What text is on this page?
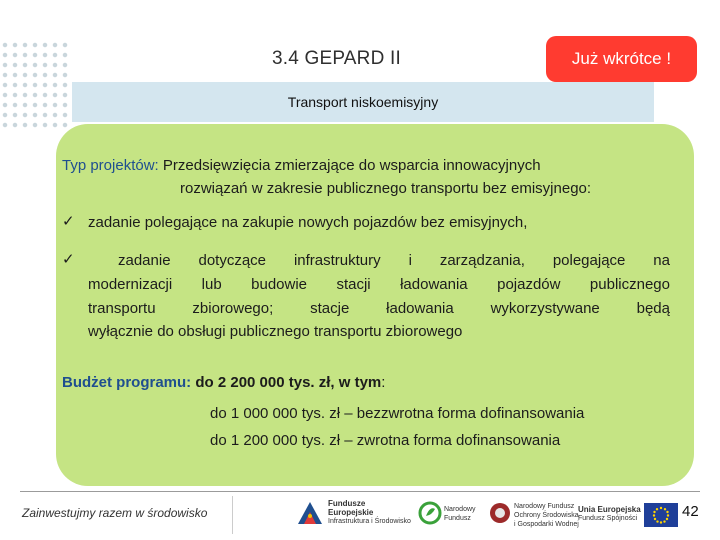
3.4 GEPARD II	Już wkrótce !
Transport niskoemisyjny
Typ projektów: Przedsięwzięcia zmierzające do wsparcia innowacyjnych
rozwiązań w zakresie publicznego transportu bez emisyjnego:
✓ zadanie polegające na zakupie nowych pojazdów bez emisyjnych,
✓	zadanie dotyczące infrastruktury i zarządzania, polegające na
modernizacji lub budowie stacji ładowania pojazdów publicznego
transportu zbiorowego; stacje ładowania wykorzystywane będą
wyłącznie do obsługi publicznego transportu zbiorowego
Budżet programu: do 2 200 000 tys. zł, w tym:
do 1 000 000 tys. zł – bezzwrotna forma dofinansowania
do 1 200 000 tys. zł – zwrotna forma dofinansowania
Zainwestujmy razem w środowisko
Fundusze
Europejskie
Infrastruktura i Środowisko
Narodowy
Fundusz
Narodowy Fundusz
Ochrony Środowiska
i Gospodarki Wodnej
Unia Europejska
Fundusz Spójności	42
